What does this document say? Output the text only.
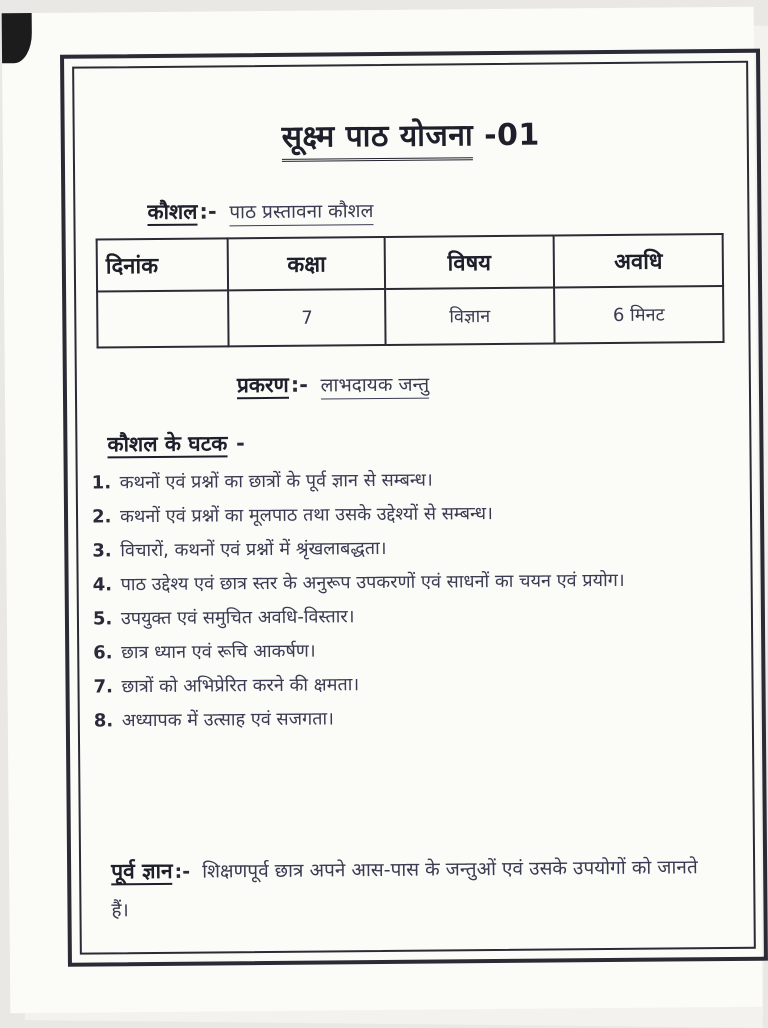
सूक्ष्म पाठ योजना -01
कौशल:- पाठ प्रस्तावना कौशल
दिनांक	कक्षा	विषय	अवधि
	7	विज्ञान	6 मिनट
प्रकरण:- लाभदायक जन्तु
कौशल के घटक -
1. कथनों एवं प्रश्नों का छात्रों के पूर्व ज्ञान से सम्बन्ध।
2. कथनों एवं प्रश्नों का मूलपाठ तथा उसके उद्देश्यों से सम्बन्ध।
3. विचारों, कथनों एवं प्रश्नों में श्रृंखलाबद्धता।
4. पाठ उद्देश्य एवं छात्र स्तर के अनुरूप उपकरणों एवं साधनों का चयन एवं प्रयोग।
5. उपयुक्त एवं समुचित अवधि-विस्तार।
6. छात्र ध्यान एवं रूचि आकर्षण।
7. छात्रों को अभिप्रेरित करने की क्षमता।
8. अध्यापक में उत्साह एवं सजगता।
पूर्व ज्ञान:- शिक्षणपूर्व छात्र अपने आस-पास के जन्तुओं एवं उसके उपयोगों को जानते हैं।
